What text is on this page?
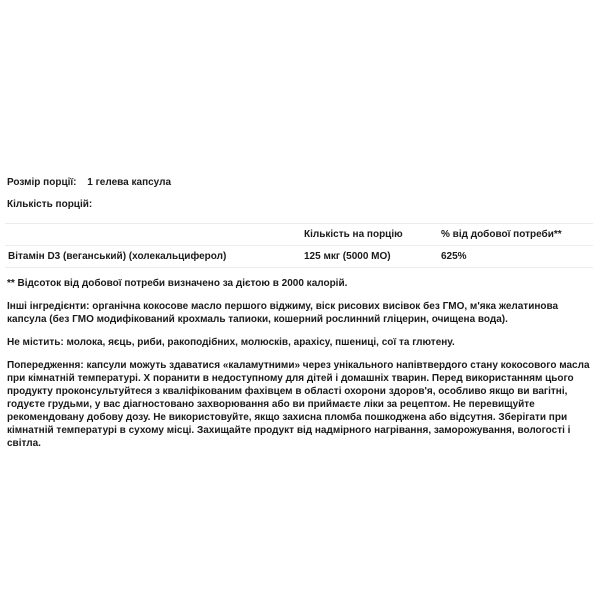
Розмір порції: 1 гелева капсула
Кількість порцій:
	Кількість на порцію	% від добової потреби**
Вітамін D3 (веганський) (холекальциферол)	125 мкг (5000 МО)	625%
** Відсоток від добової потреби визначено за дієтою в 2000 калорій.
Інші інгредієнти: органічна кокосове масло першого віджиму, віск рисових висівок без ГМО, м'яка желатинова капсула (без ГМО модифікований крохмаль тапиоки, кошерний рослинний гліцерин, очищена вода).
Не містить: молока, яєць, риби, ракоподібних, молюсків, арахісу, пшениці, сої та глютену.
Попередження: капсули можуть здаватися «каламутними» через унікального напівтвердого стану кокосового масла при кімнатній температурі. Х поранити в недоступному для дітей і домашніх тварин. Перед використанням цього продукту проконсультуйтеся з кваліфікованим фахівцем в області охорони здоров'я, особливо якщо ви вагітні, годуєте грудьми, у вас діагностовано захворювання або ви приймаєте ліки за рецептом. Не перевищуйте рекомендовану добову дозу. Не використовуйте, якщо захисна пломба пошкоджена або відсутня. Зберігати при кімнатній температурі в сухому місці. Захищайте продукт від надмірного нагрівання, заморожування, вологості і світла.
